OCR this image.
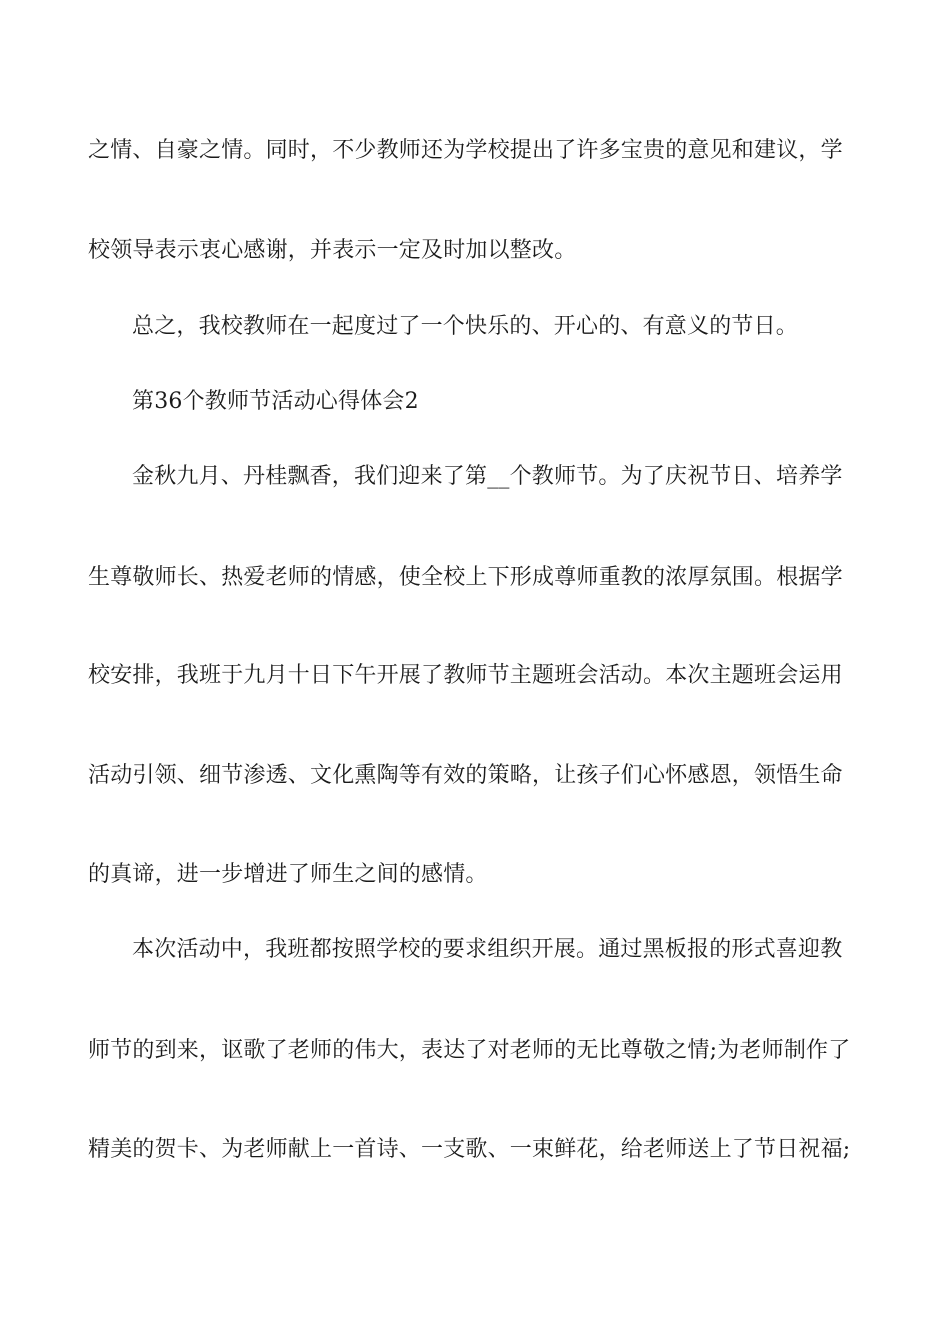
之情、自豪之情。同时，不少教师还为学校提出了许多宝贵的意见和建议，学
校领导表示衷心感谢，并表示一定及时加以整改。
总之，我校教师在一起度过了一个快乐的、开心的、有意义的节日。
第36个教师节活动心得体会2
金秋九月、丹桂飘香，我们迎来了第__个教师节。为了庆祝节日、培养学
生尊敬师长、热爱老师的情感，使全校上下形成尊师重教的浓厚氛围。根据学
校安排，我班于九月十日下午开展了教师节主题班会活动。本次主题班会运用
活动引领、细节渗透、文化熏陶等有效的策略，让孩子们心怀感恩，领悟生命
的真谛，进一步增进了师生之间的感情。
本次活动中，我班都按照学校的要求组织开展。通过黑板报的形式喜迎教
师节的到来，讴歌了老师的伟大，表达了对老师的无比尊敬之情;为老师制作了
精美的贺卡、为老师献上一首诗、一支歌、一束鲜花，给老师送上了节日祝福;
